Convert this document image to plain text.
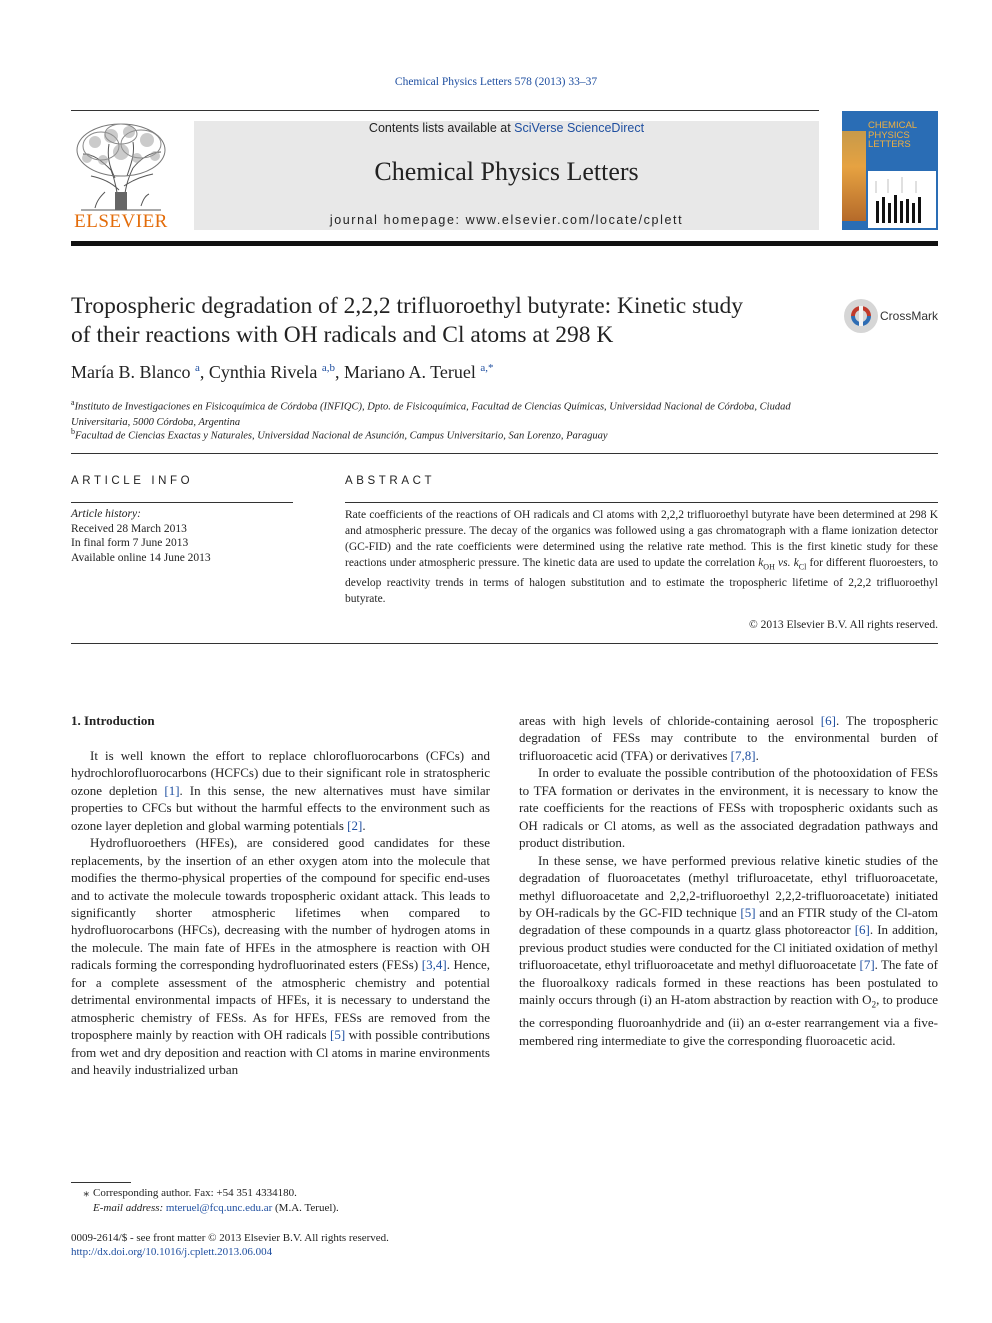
Chemical Physics Letters 578 (2013) 33–37
ELSEVIER
Contents lists available at SciVerse ScienceDirect
Chemical Physics Letters
journal homepage: www.elsevier.com/locate/cplett
CHEMICAL
PHYSICS
LETTERS
Tropospheric degradation of 2,2,2 trifluoroethyl butyrate: Kinetic study
of their reactions with OH radicals and Cl atoms at 298 K
CrossMark
María B. Blanco $^a$, Cynthia Rivela $^{a,b}$, Mariano A. Teruel $^{a,*}$
$^a$Instituto de Investigaciones en Fisicoquímica de Córdoba (INFIQC), Dpto. de Fisicoquímica, Facultad de Ciencias Químicas, Universidad Nacional de Córdoba, Ciudad
Universitaria, 5000 Córdoba, Argentina
$^b$Facultad de Ciencias Exactas y Naturales, Universidad Nacional de Asunción, Campus Universitario, San Lorenzo, Paraguay
ARTICLE INFO
Article history:
Received 28 March 2013
In final form 7 June 2013
Available online 14 June 2013
ABSTRACT
Rate coefficients of the reactions of OH radicals and Cl atoms with 2,2,2 trifluoroethyl butyrate have been determined at 298 K and atmospheric pressure. The decay of the organics was followed using a gas chromatograph with a flame ionization detector (GC-FID) and the rate coefficients were determined using the relative rate method. This is the first kinetic study for these reactions under atmospheric pressure. The kinetic data are used to update the correlation $k_{OH}$ vs. $k_{Cl}$ for different fluoroesters, to develop reactivity trends in terms of halogen substitution and to estimate the tropospheric lifetime of 2,2,2 trifluoroethyl butyrate.
© 2013 Elsevier B.V. All rights reserved.
1. Introduction

It is well known the effort to replace chlorofluorocarbons (CFCs) and hydrochlorofluorocarbons (HCFCs) due to their significant role in stratospheric ozone depletion [1]. In this sense, the new alternatives must have similar properties to CFCs but without the harmful effects to the environment such as ozone layer depletion and global warming potentials [2].

Hydrofluoroethers (HFEs), are considered good candidates for these replacements, by the insertion of an ether oxygen atom into the molecule that modifies the thermo-physical properties of the compound for specific end-uses and to activate the molecule towards tropospheric oxidant attack. This leads to significantly shorter atmospheric lifetimes when compared to hydrofluorocarbons (HFCs), decreasing with the number of hydrogen atoms in the molecule. The main fate of HFEs in the atmosphere is reaction with OH radicals forming the corresponding hydrofluorinated esters (FESs) [3,4]. Hence, for a complete assessment of the atmospheric chemistry and potential detrimental environmental impacts of HFEs, it is necessary to understand the atmospheric chemistry of FESs. As for HFEs, FESs are removed from the troposphere mainly by reaction with OH radicals [5] with possible contributions from wet and dry deposition and reaction with Cl atoms in marine environments and heavily industrialized urban

areas with high levels of chloride-containing aerosol [6]. The tropospheric degradation of FESs may contribute to the environmental burden of trifluoroacetic acid (TFA) or derivatives [7,8].

In order to evaluate the possible contribution of the photooxidation of FESs to TFA formation or derivates in the environment, it is necessary to know the rate coefficients for the reactions of FESs with tropospheric oxidants such as OH radicals or Cl atoms, as well as the associated degradation pathways and product distribution.

In these sense, we have performed previous relative kinetic studies of the degradation of fluoroacetates (methyl trifluroacetate, ethyl trifluoroacetate, methyl difluoroacetate and 2,2,2-trifluoroethyl 2,2,2-trifluoroacetate) initiated by OH-radicals by the GC-FID technique [5] and an FTIR study of the Cl-atom degradation of these compounds in a quartz glass photoreactor [6]. In addition, previous product studies were conducted for the Cl initiated oxidation of methyl trifluoroacetate, ethyl trifluoroacetate and methyl difluoroacetate [7]. The fate of the fluoroalkoxy radicals formed in these reactions has been postulated to mainly occurs through (i) an H-atom abstraction by reaction with $O_2$, to produce the corresponding fluoroanhydride and (ii) an α-ester rearrangement via a five-membered ring intermediate to give the corresponding fluoroacetic acid.

⁎ Corresponding author. Fax: +54 351 4334180.
E-mail address: mteruel@fcq.unc.edu.ar (M.A. Teruel).
0009-2614/$ - see front matter © 2013 Elsevier B.V. All rights reserved.
http://dx.doi.org/10.1016/j.cplett.2013.06.004
